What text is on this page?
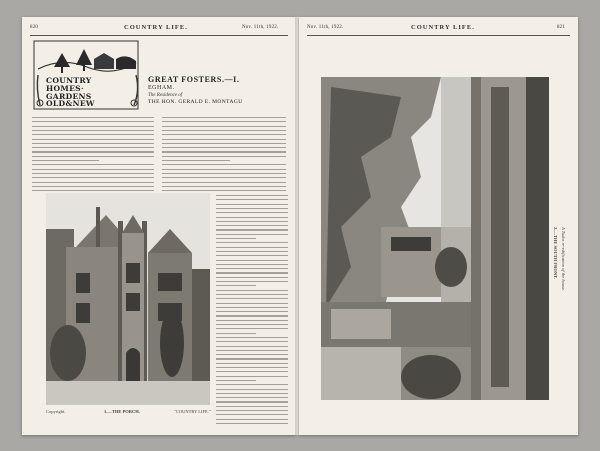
820	COUNTRY LIFE.	Nov. 11th, 1922.
COUNTRY
HOMES·
GARDENS
OLD&NEW
GREAT FOSTERS.—I.
EGHAM.
The Residence of
THE HON. GERALD E. MONTAGU
Copyright.	1.—THE PORCH.	"COUNTRY LIFE."
Nov. 11th, 1922.	COUNTRY LIFE.	821
2.—THE SOUTH FRONT. A Tudor re-edification of the house.
